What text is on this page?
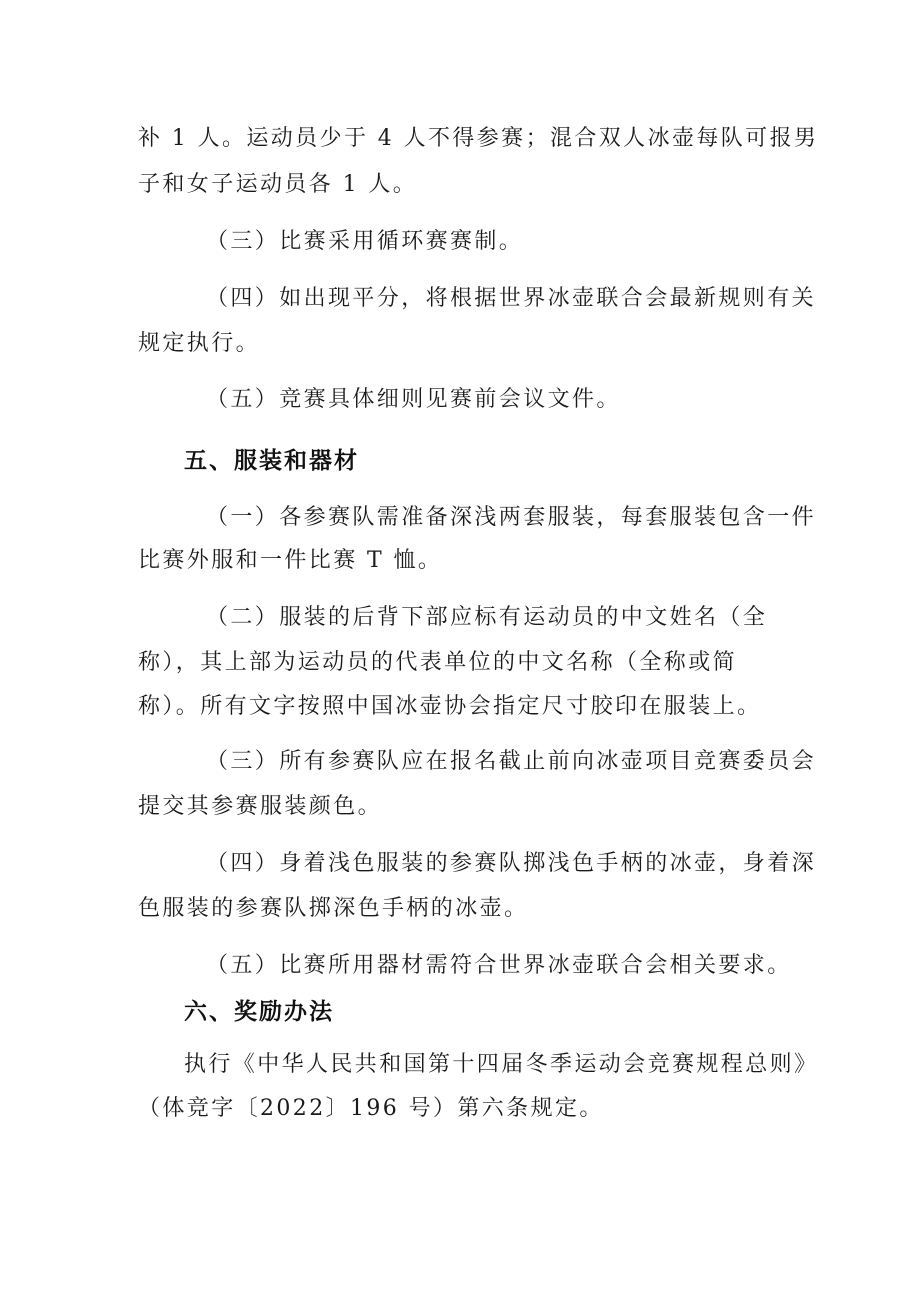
补 1 人。运动员少于 4 人不得参赛；混合双人冰壶每队可报男
子和女子运动员各 1 人。
（三）比赛采用循环赛赛制。
（四）如出现平分，将根据世界冰壶联合会最新规则有关
规定执行。
（五）竞赛具体细则见赛前会议文件。
五、服装和器材
（一）各参赛队需准备深浅两套服装，每套服装包含一件
比赛外服和一件比赛 T 恤。
（二）服装的后背下部应标有运动员的中文姓名（全
称），其上部为运动员的代表单位的中文名称（全称或简
称）。所有文字按照中国冰壶协会指定尺寸胶印在服装上。
（三）所有参赛队应在报名截止前向冰壶项目竞赛委员会
提交其参赛服装颜色。
（四）身着浅色服装的参赛队掷浅色手柄的冰壶，身着深
色服装的参赛队掷深色手柄的冰壶。
（五）比赛所用器材需符合世界冰壶联合会相关要求。
六、奖励办法
执行《中华人民共和国第十四届冬季运动会竞赛规程总则》
（体竞字〔2022〕196 号）第六条规定。
